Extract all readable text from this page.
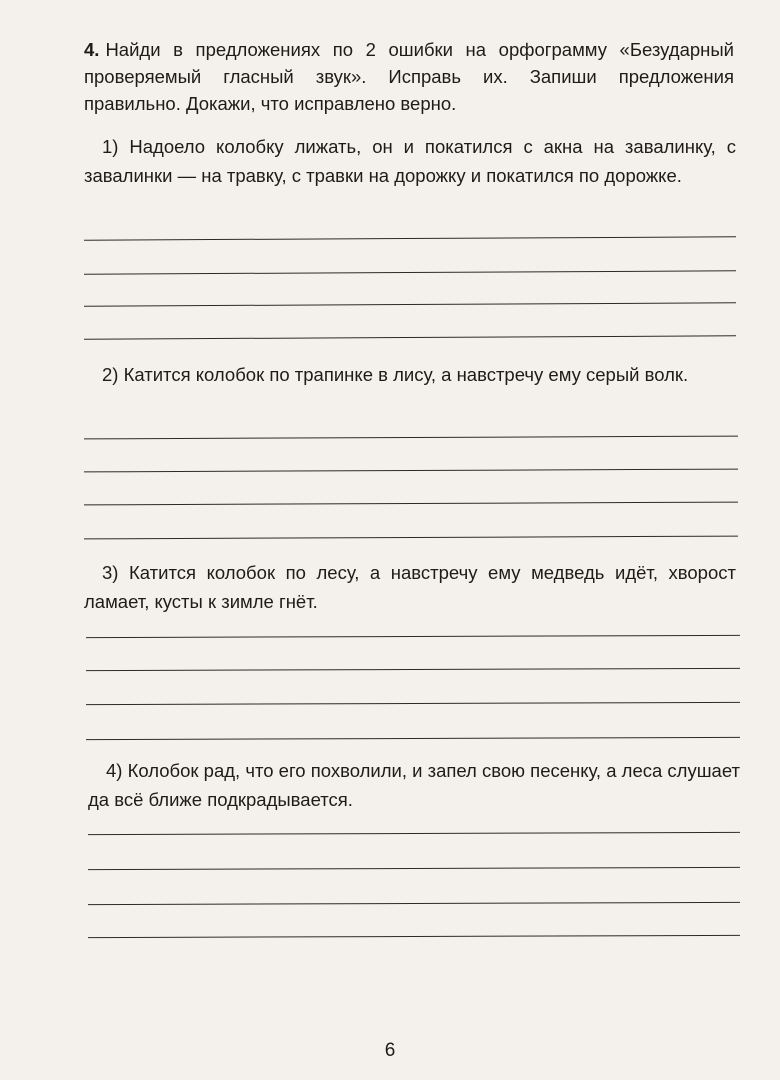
4. Найди в предложениях по 2 ошибки на орфограмму «Безударный проверяемый гласный звук». Исправь их. Запиши предложения правильно. Докажи, что исправлено верно.
1) Надоело колобку лижать, он и покатился с акна на завалинку, с завалинки — на травку, с травки на дорожку и покатился по дорожке.
2) Катится колобок по трапинке в лису, а навстречу ему серый волк.
3) Катится колобок по лесу, а навстречу ему медведь идёт, хворост ламает, кусты к зимле гнёт.
4) Колобок рад, что его похволили, и запел свою песенку, а леса слушает да всё ближе подкрадывается.
6
